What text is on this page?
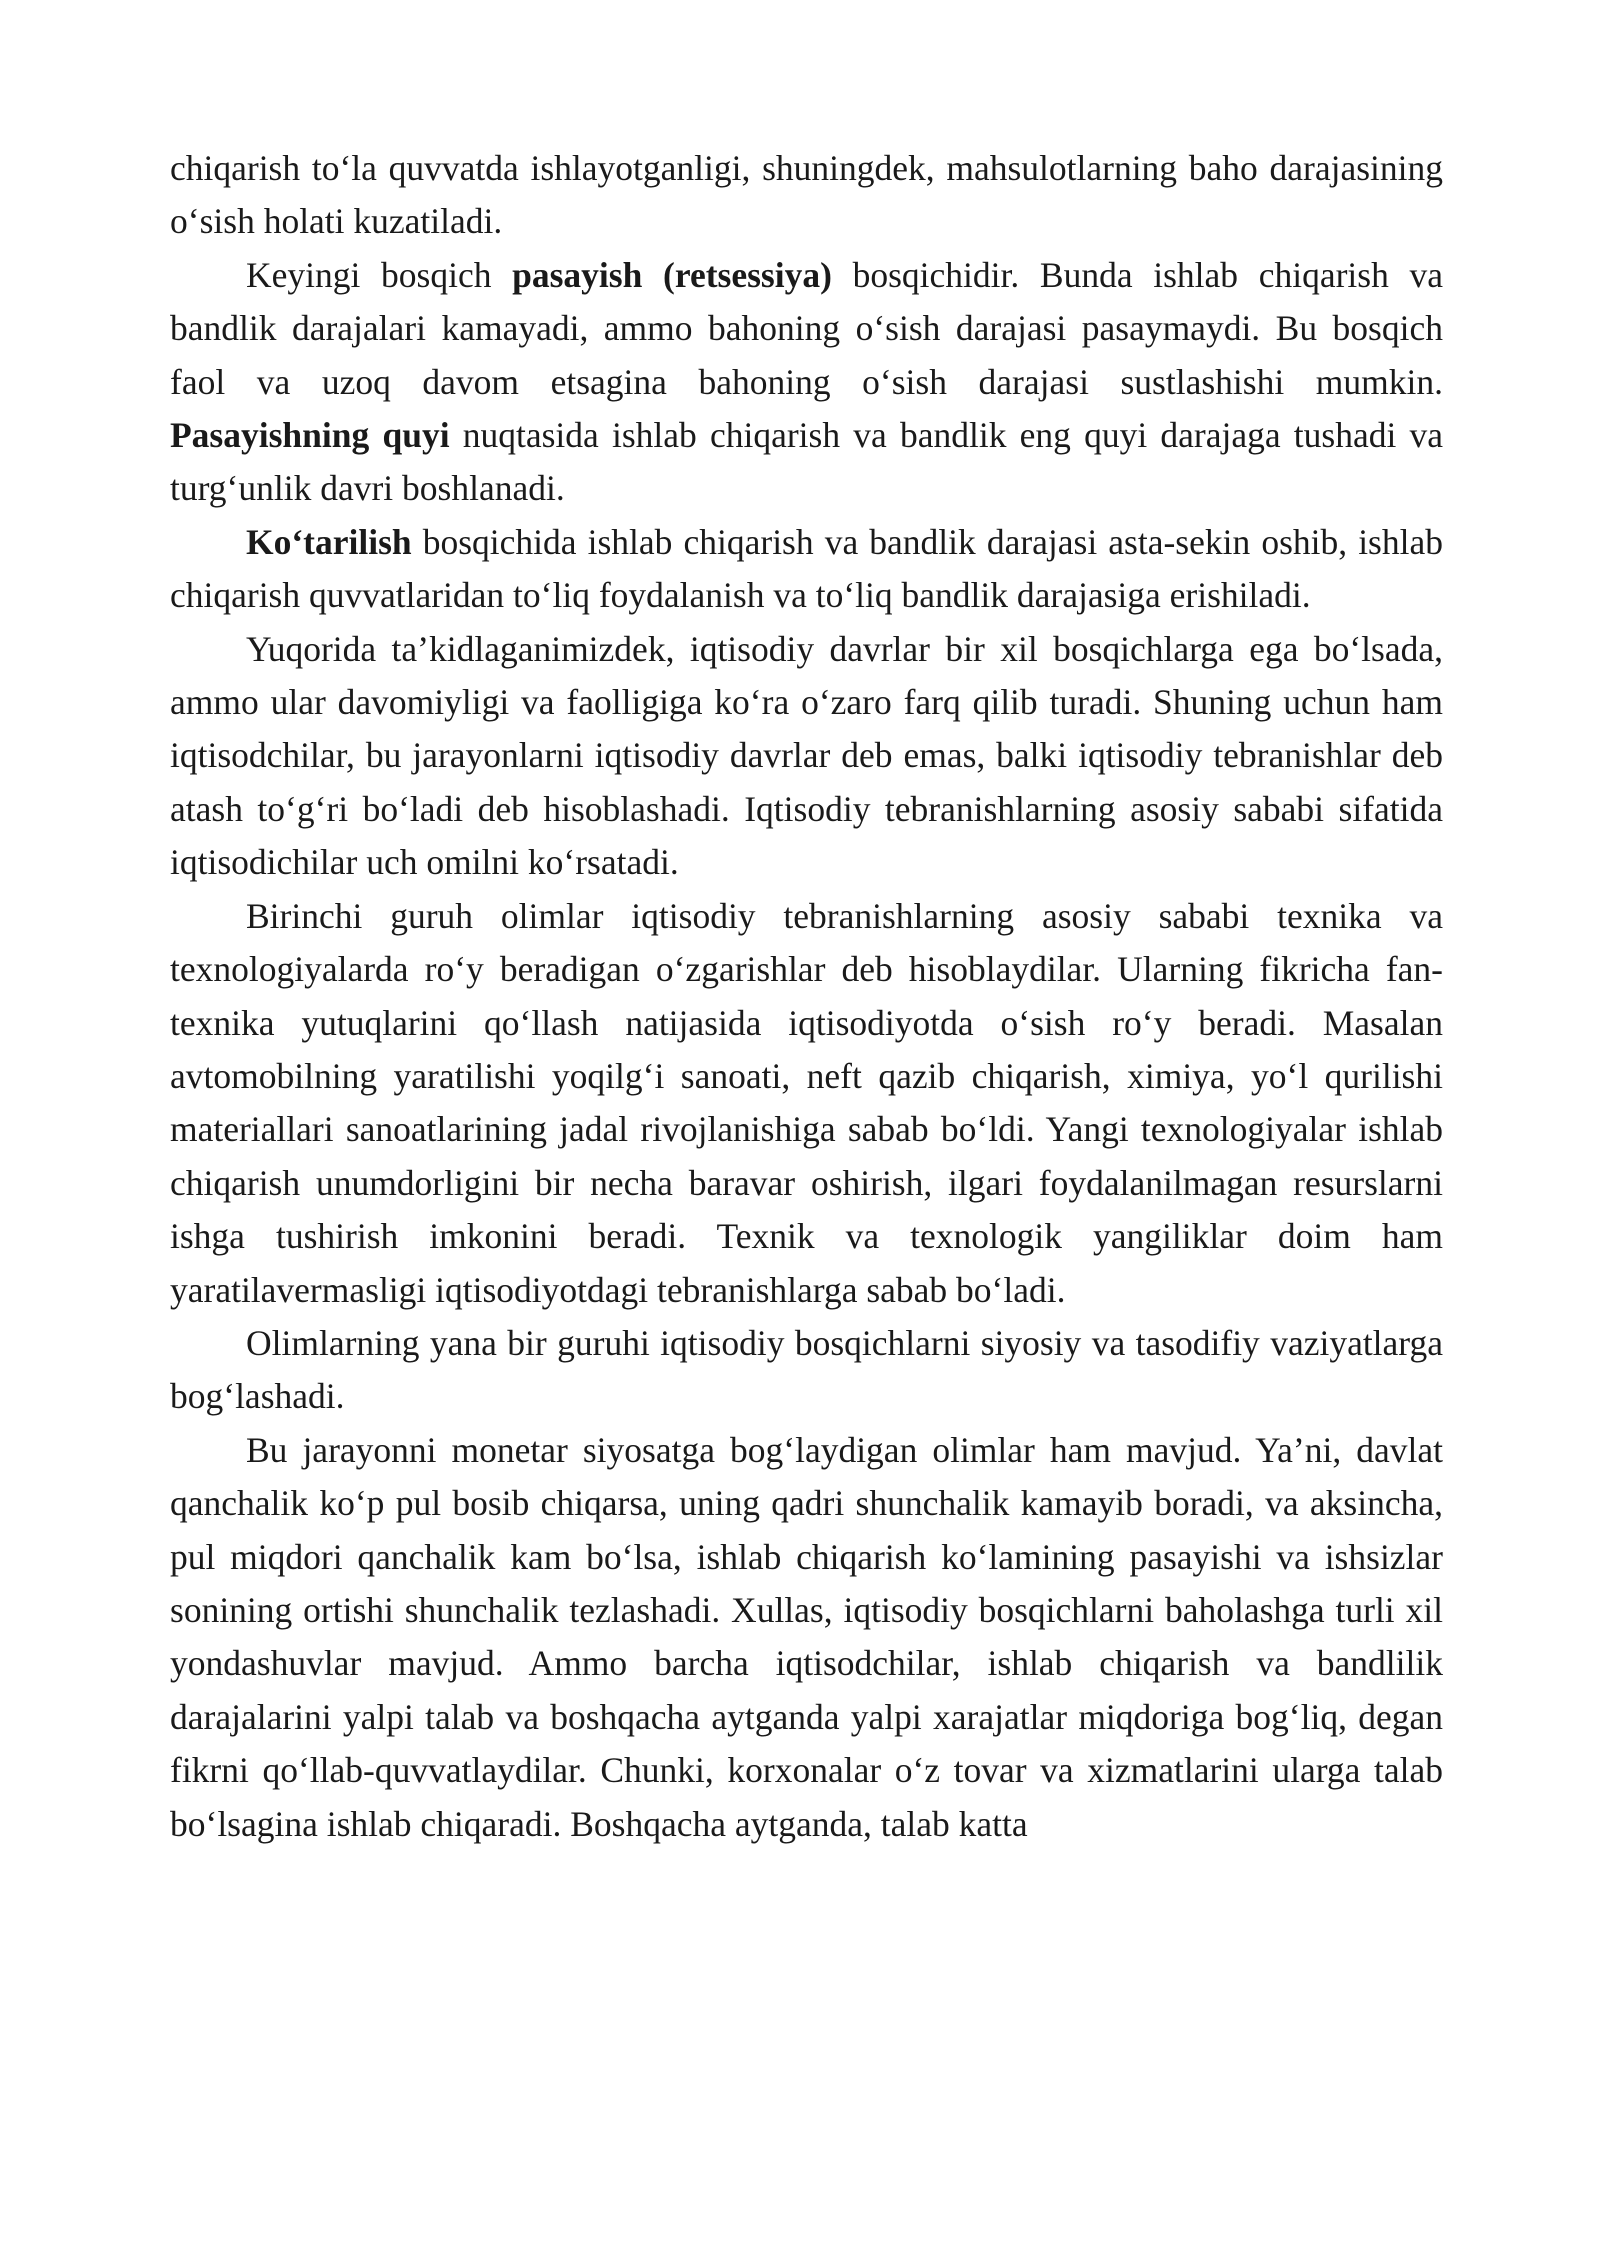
chiqarish to‘la quvvatda ishlayotganligi, shuningdek, mahsulotlarning baho darajasining o‘sish holati kuzatiladi.

Keyingi bosqich pasayish (retsessiya) bosqichidir. Bunda ishlab chiqarish va bandlik darajalari kamayadi, ammo bahoning o‘sish darajasi pasaymaydi. Bu bosqich faol va uzoq davom etsagina bahoning o‘sish darajasi sustlashishi mumkin. Pasayishning quyi nuqtasida ishlab chiqarish va bandlik eng quyi darajaga tushadi va turg‘unlik davri boshlanadi.

Ko‘tarilish bosqichida ishlab chiqarish va bandlik darajasi asta-sekin oshib, ishlab chiqarish quvvatlaridan to‘liq foydalanish va to‘liq bandlik darajasiga erishiladi.

Yuqorida ta’kidlaganimizdek, iqtisodiy davrlar bir xil bosqichlarga ega bo‘lsada, ammo ular davomiyligi va faolligiga ko‘ra o‘zaro farq qilib turadi. Shuning uchun ham iqtisodchilar, bu jarayonlarni iqtisodiy davrlar deb emas, balki iqtisodiy tebranishlar deb atash to‘g‘ri bo‘ladi deb hisoblashadi. Iqtisodiy tebranishlarning asosiy sababi sifatida iqtisodichilar uch omilni ko‘rsatadi.

Birinchi guruh olimlar iqtisodiy tebranishlarning asosiy sababi texnika va texnologiyalarda ro‘y beradigan o‘zgarishlar deb hisoblaydilar. Ularning fikricha fan-texnika yutuqlarini qo‘llash natijasida iqtisodiyotda o‘sish ro‘y beradi. Masalan avtomobilning yaratilishi yoqilg‘i sanoati, neft qazib chiqarish, ximiya, yo‘l qurilishi materiallari sanoatlarining jadal rivojlanishiga sabab bo‘ldi. Yangi texnologiyalar ishlab chiqarish unumdorligini bir necha baravar oshirish, ilgari foydalanilmagan resurslarni ishga tushirish imkonini beradi. Texnik va texnologik yangiliklar doim ham yaratilavermasligi iqtisodiyotdagi tebranishlarga sabab bo‘ladi.

Olimlarning yana bir guruhi iqtisodiy bosqichlarni siyosiy va tasodifiy vaziyatlarga bog‘lashadi.

Bu jarayonni monetar siyosatga bog‘laydigan olimlar ham mavjud. Ya’ni, davlat qanchalik ko‘p pul bosib chiqarsa, uning qadri shunchalik kamayib boradi, va aksincha, pul miqdori qanchalik kam bo‘lsa, ishlab chiqarish ko‘lamining pasayishi va ishsizlar sonining ortishi shunchalik tezlashadi. Xullas, iqtisodiy bosqichlarni baholashga turli xil yondashuvlar mavjud. Ammo barcha iqtisodchilar, ishlab chiqarish va bandlilik darajalarini yalpi talab va boshqacha aytganda yalpi xarajatlar miqdoriga bog‘liq, degan fikrni qo‘llab-quvvatlaydilar. Chunki, korxonalar o‘z tovar va xizmatlarini ularga talab bo‘lsagina ishlab chiqaradi. Boshqacha aytganda, talab katta
